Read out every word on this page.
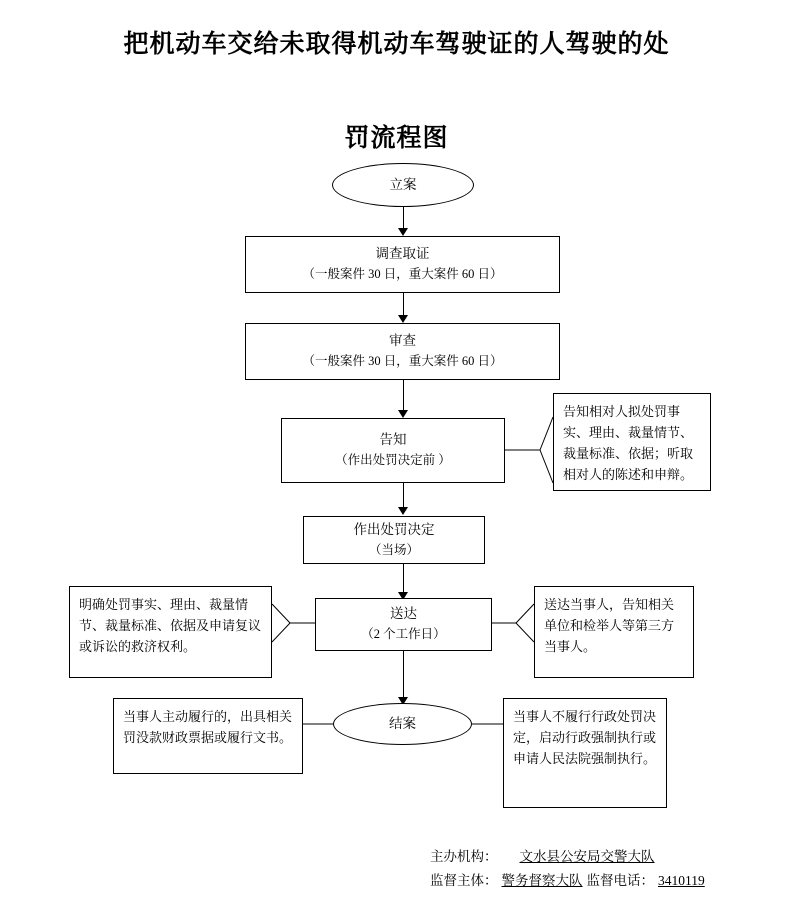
把机动车交给未取得机动车驾驶证的人驾驶的处
罚流程图
立案
调查取证
（一般案件 30 日，重大案件 60 日）
审查
（一般案件 30 日，重大案件 60 日）
告知
（作出处罚决定前 ）
作出处罚决定
（当场）
送达
（2 个工作日）
结案
告知相对人拟处罚事实、理由、裁量情节、裁量标准、依据；听取相对人的陈述和申辩。
明确处罚事实、理由、裁量情节、裁量标准、依据及申请复议或诉讼的救济权利。
送达当事人，告知相关单位和检举人等第三方当事人。
当事人主动履行的，出具相关罚没款财政票据或履行文书。
当事人不履行行政处罚决定，启动行政强制执行或申请人民法院强制执行。
主办机构：	文水县公安局交警大队
监督主体： 警务督察大队 监督电话： 3410119
